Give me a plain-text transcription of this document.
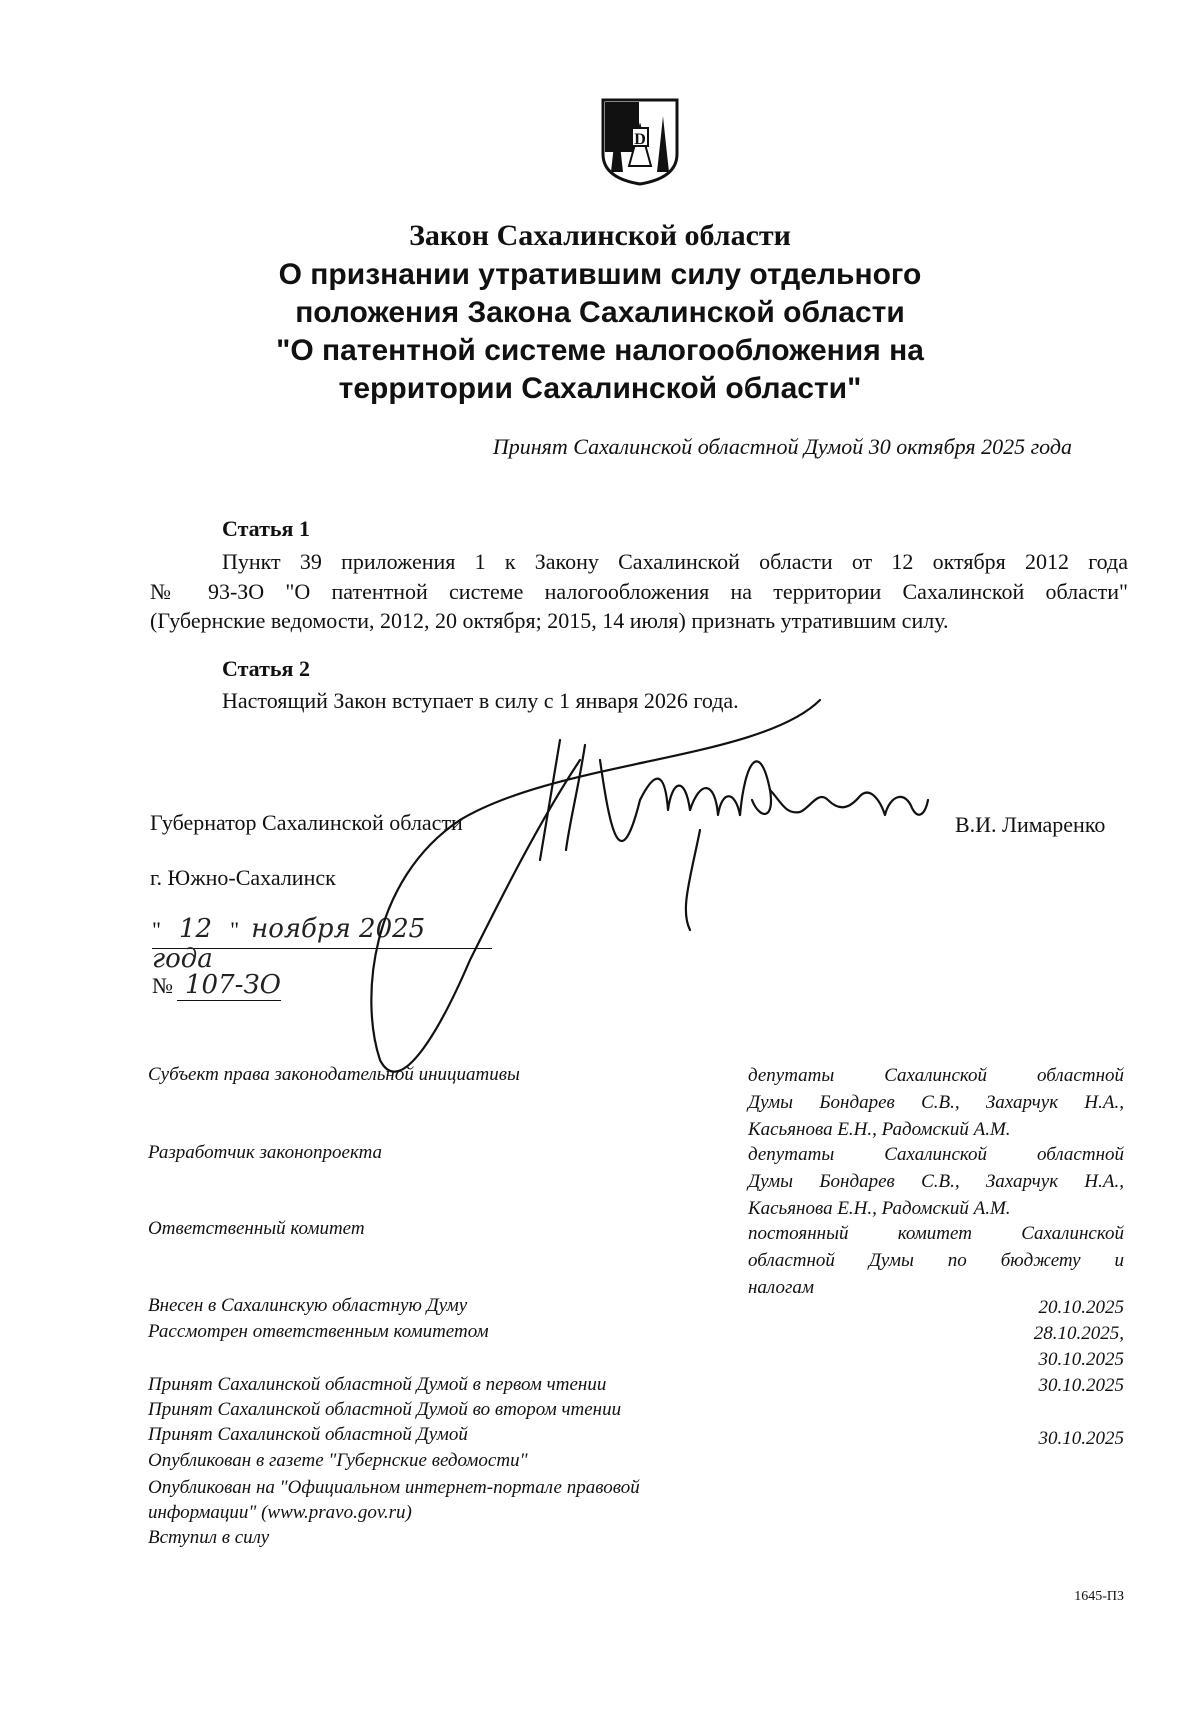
D

Закон Сахалинской области

О признании утратившим силу отдельного

положения Закона Сахалинской области

"О патентной системе налогообложения на

территории Сахалинской области"

Принят Сахалинской областной Думой 30 октября 2025 года
Статья 1
Пункт 39 приложения 1 к Закону Сахалинской области от 12 октября 2012 года
№ 93-ЗО "О патентной системе налогообложения на территории Сахалинской области"
(Губернские ведомости, 2012, 20 октября; 2015, 14 июля) признать утратившим силу.
Статья 2
Настоящий Закон вступает в силу с 1 января 2026 года.
Губернатор Сахалинской области	В.И. Лимаренко
г. Южно-Сахалинск
" 12 " ноября 2025 года
№ 107-ЗО
Субъект права законодательной инициативы	депутаты Сахалинской областной
Думы Бондарев С.В., Захарчук Н.А.,
Касьянова Е.Н., Радомский А.М.
Разработчик законопроекта	депутаты Сахалинской областной
Думы Бондарев С.В., Захарчук Н.А.,
Касьянова Е.Н., Радомский А.М.
Ответственный комитет	постоянный комитет Сахалинской
областной Думы по бюджету и
налогам
Внесен в Сахалинскую областную Думу	20.10.2025
Рассмотрен ответственным комитетом	28.10.2025,
30.10.2025
Принят Сахалинской областной Думой в первом чтении	30.10.2025
Принят Сахалинской областной Думой во втором чтении
Принят Сахалинской областной Думой	30.10.2025
Опубликован в газете "Губернские ведомости"
Опубликован на "Официальном интернет-портале правовой
информации" (www.pravo.gov.ru)
Вступил в силу
1645-ПЗ
